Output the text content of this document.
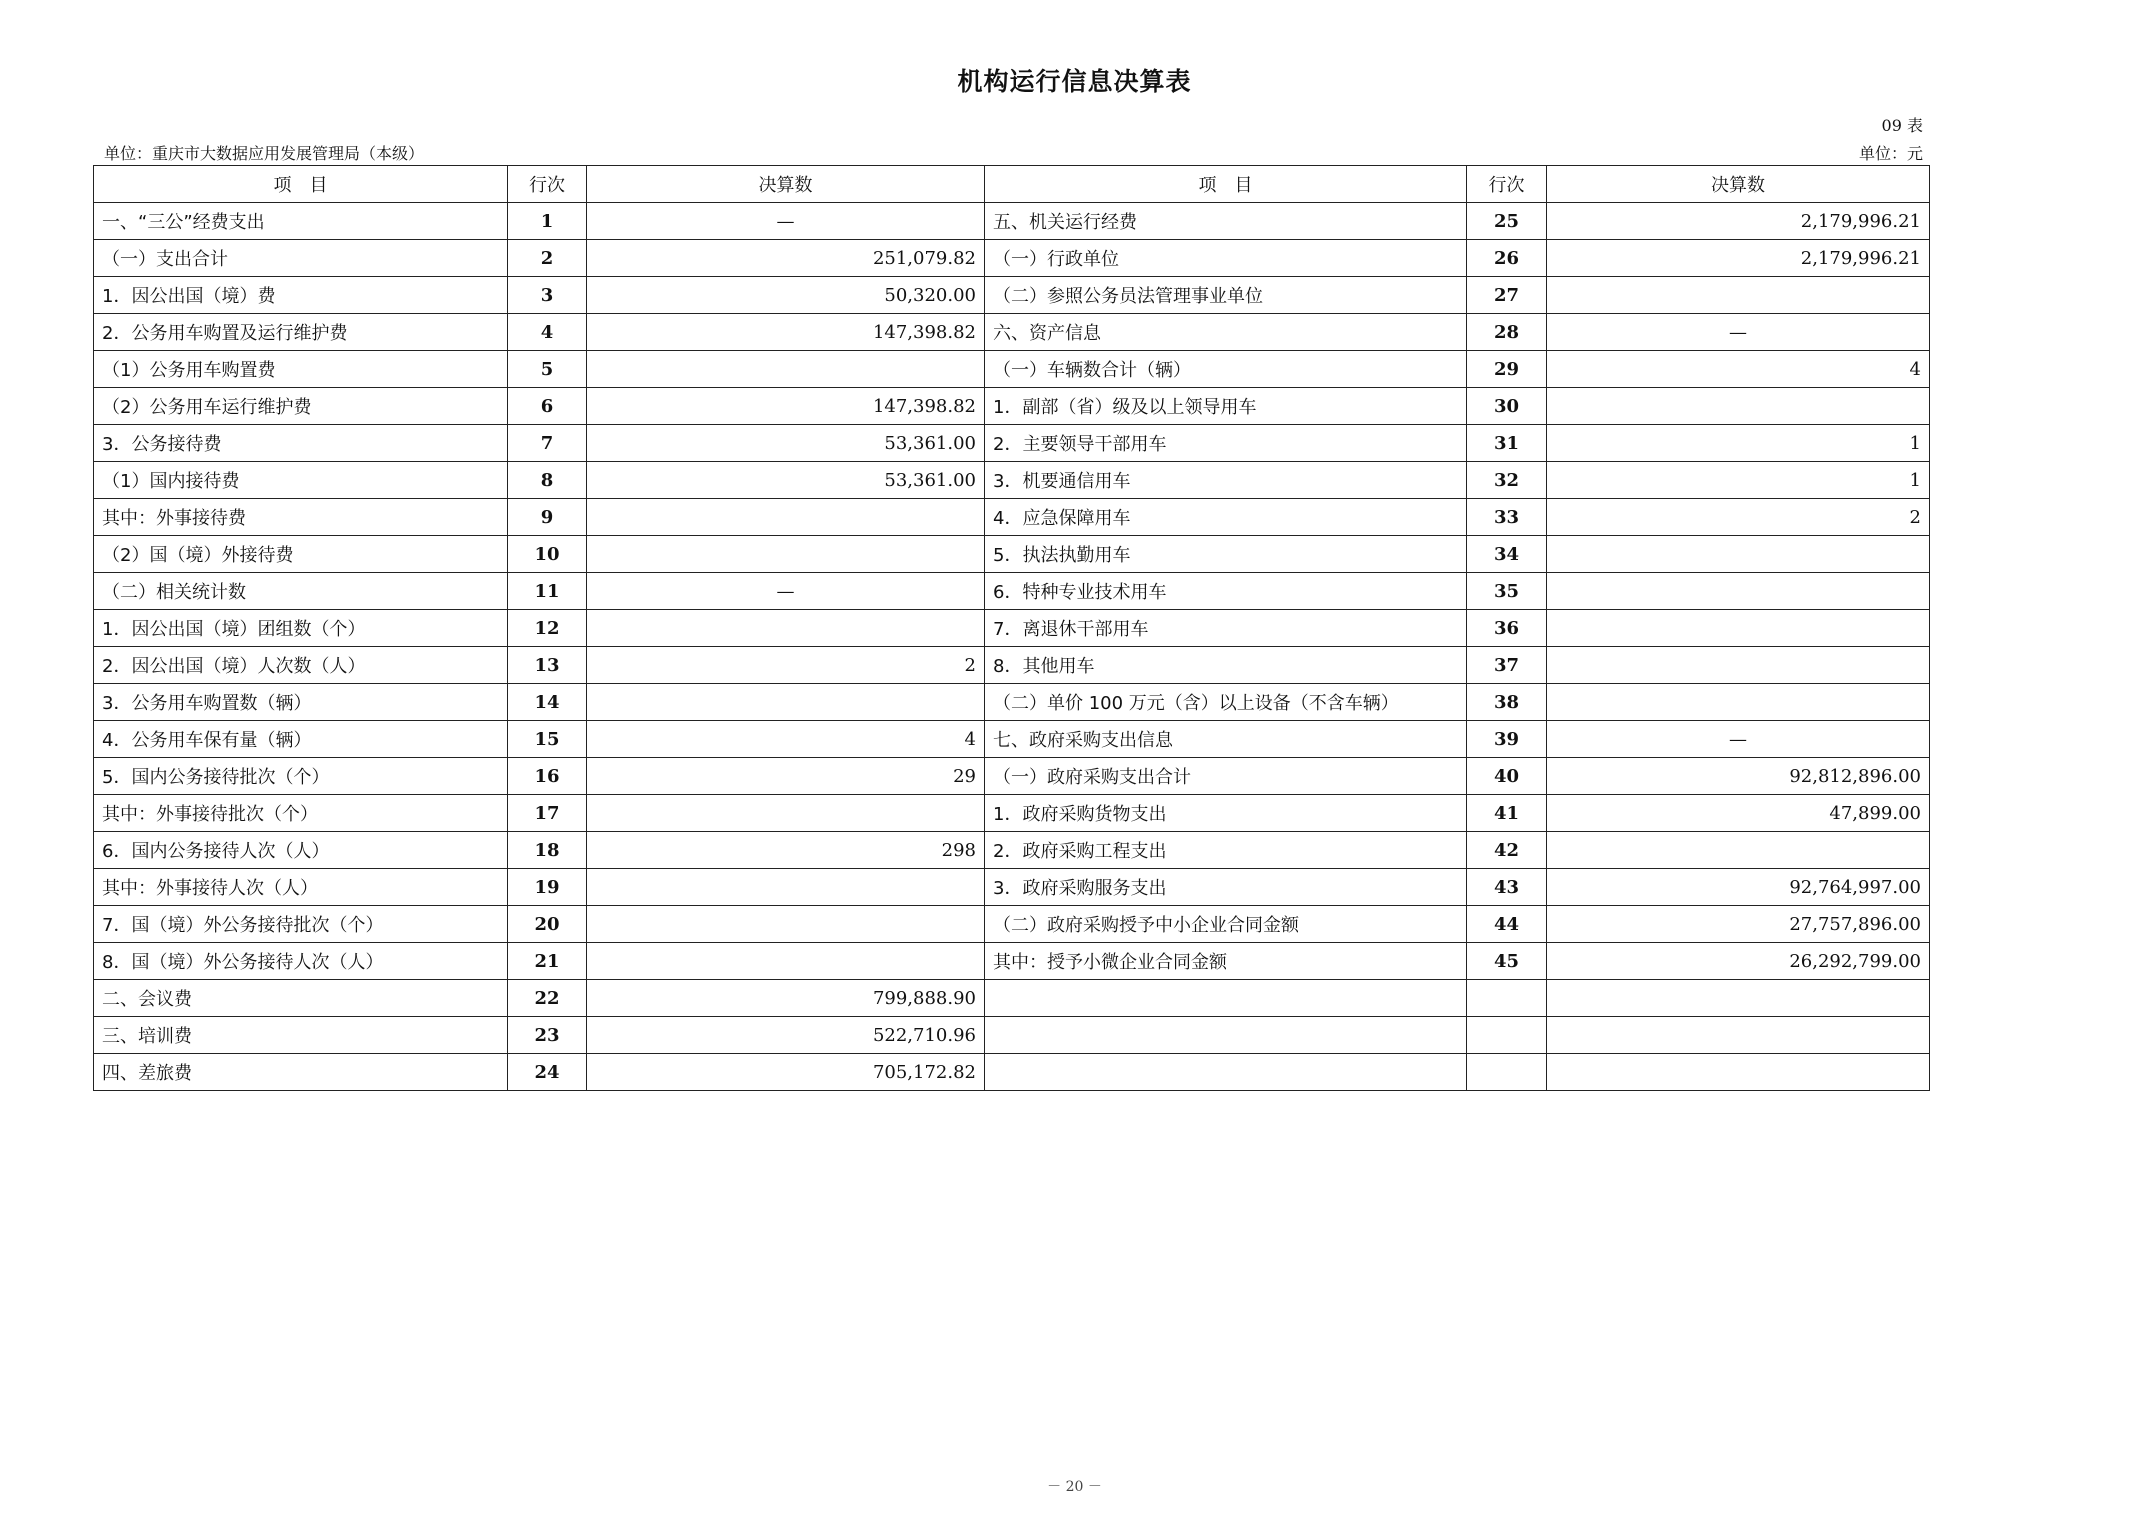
机构运行信息决算表
09 表
单位：重庆市大数据应用发展管理局（本级）	单位：元
项　目	行次	决算数	项　目	行次	决算数
一、“三公”经费支出	1	—	五、机关运行经费	25	2,179,996.21
（一）支出合计	2	251,079.82	（一）行政单位	26	2,179,996.21
1．因公出国（境）费	3	50,320.00	（二）参照公务员法管理事业单位	27	
2．公务用车购置及运行维护费	4	147,398.82	六、资产信息	28	—
（1）公务用车购置费	5		（一）车辆数合计（辆）	29	4
（2）公务用车运行维护费	6	147,398.82	1．副部（省）级及以上领导用车	30	
3．公务接待费	7	53,361.00	2．主要领导干部用车	31	1
（1）国内接待费	8	53,361.00	3．机要通信用车	32	1
其中：外事接待费	9		4．应急保障用车	33	2
（2）国（境）外接待费	10		5．执法执勤用车	34	
（二）相关统计数	11	—	6．特种专业技术用车	35	
1．因公出国（境）团组数（个）	12		7．离退休干部用车	36	
2．因公出国（境）人次数（人）	13	2	8．其他用车	37	
3．公务用车购置数（辆）	14		（二）单价 100 万元（含）以上设备（不含车辆）	38	
4．公务用车保有量（辆）	15	4	七、政府采购支出信息	39	—
5．国内公务接待批次（个）	16	29	（一）政府采购支出合计	40	92,812,896.00
其中：外事接待批次（个）	17		1．政府采购货物支出	41	47,899.00
6．国内公务接待人次（人）	18	298	2．政府采购工程支出	42	
其中：外事接待人次（人）	19		3．政府采购服务支出	43	92,764,997.00
7．国（境）外公务接待批次（个）	20		（二）政府采购授予中小企业合同金额	44	27,757,896.00
8．国（境）外公务接待人次（人）	21		其中：授予小微企业合同金额	45	26,292,799.00
二、会议费	22	799,888.90			
三、培训费	23	522,710.96			
四、差旅费	24	705,172.82			
－ 20 －
